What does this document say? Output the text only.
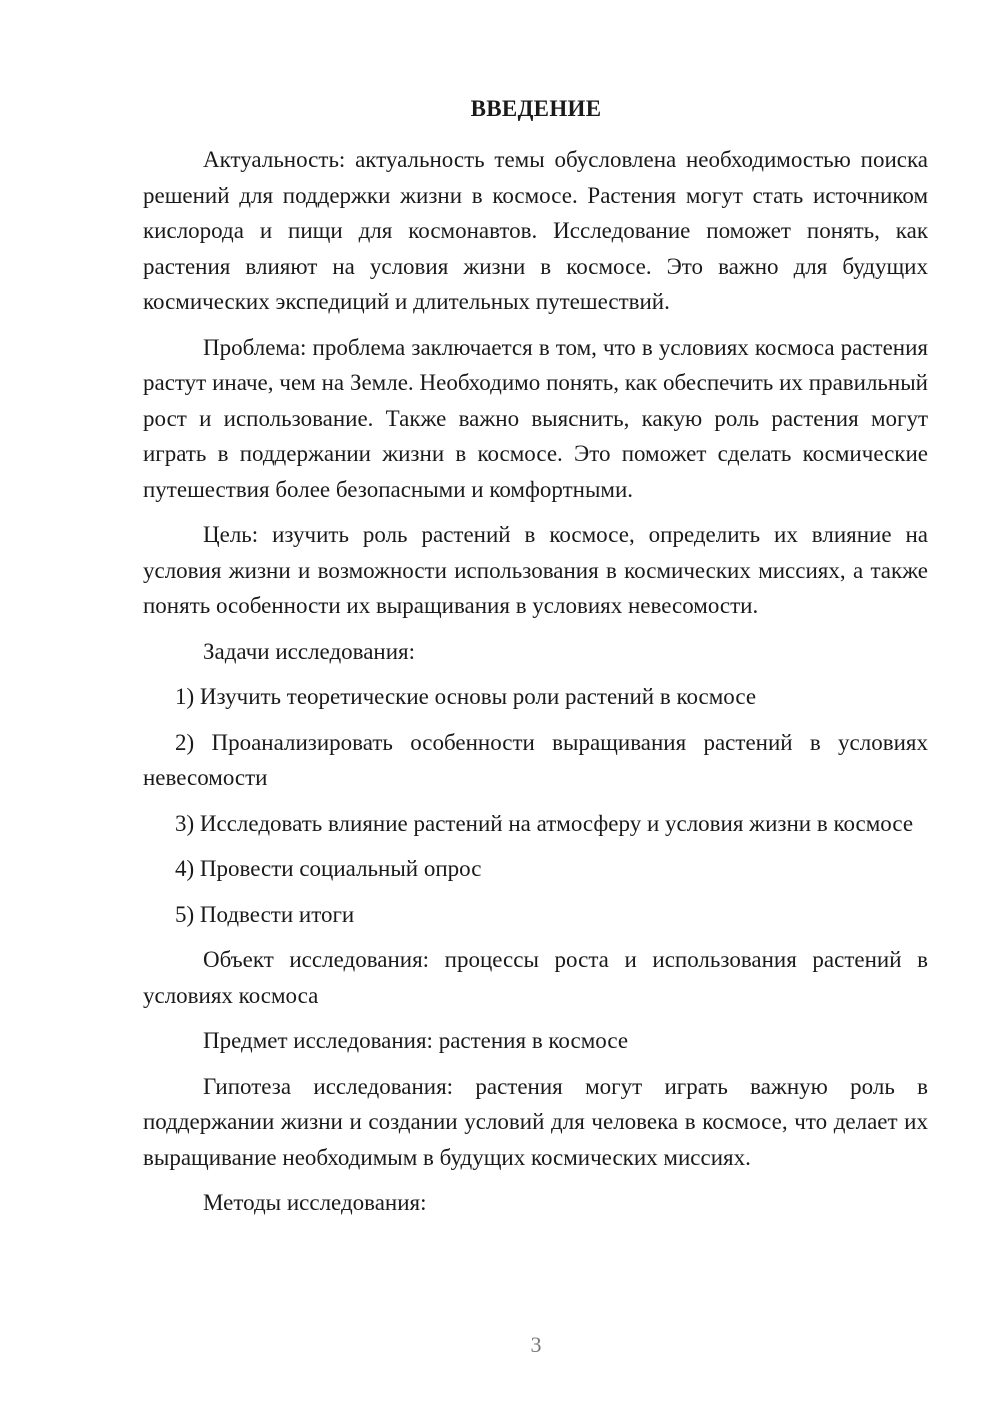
ВВЕДЕНИЕ

Актуальность: актуальность темы обусловлена необходимостью поиска решений для поддержки жизни в космосе. Растения могут стать источником кислорода и пищи для космонавтов. Исследование поможет понять, как растения влияют на условия жизни в космосе. Это важно для будущих космических экспедиций и длительных путешествий.

Проблема: проблема заключается в том, что в условиях космоса растения растут иначе, чем на Земле. Необходимо понять, как обеспечить их правильный рост и использование. Также важно выяснить, какую роль растения могут играть в поддержании жизни в космосе. Это поможет сделать космические путешествия более безопасными и комфортными.

Цель: изучить роль растений в космосе, определить их влияние на условия жизни и возможности использования в космических миссиях, а также понять особенности их выращивания в условиях невесомости.

Задачи исследования:

1) Изучить теоретические основы роли растений в космосе

2) Проанализировать особенности выращивания растений в условиях невесомости

3) Исследовать влияние растений на атмосферу и условия жизни в космосе

4) Провести социальный опрос

5) Подвести итоги

Объект исследования: процессы роста и использования растений в условиях космоса

Предмет исследования: растения в космосе

Гипотеза исследования: растения могут играть важную роль в поддержании жизни и создании условий для человека в космосе, что делает их выращивание необходимым в будущих космических миссиях.

Методы исследования:

3
